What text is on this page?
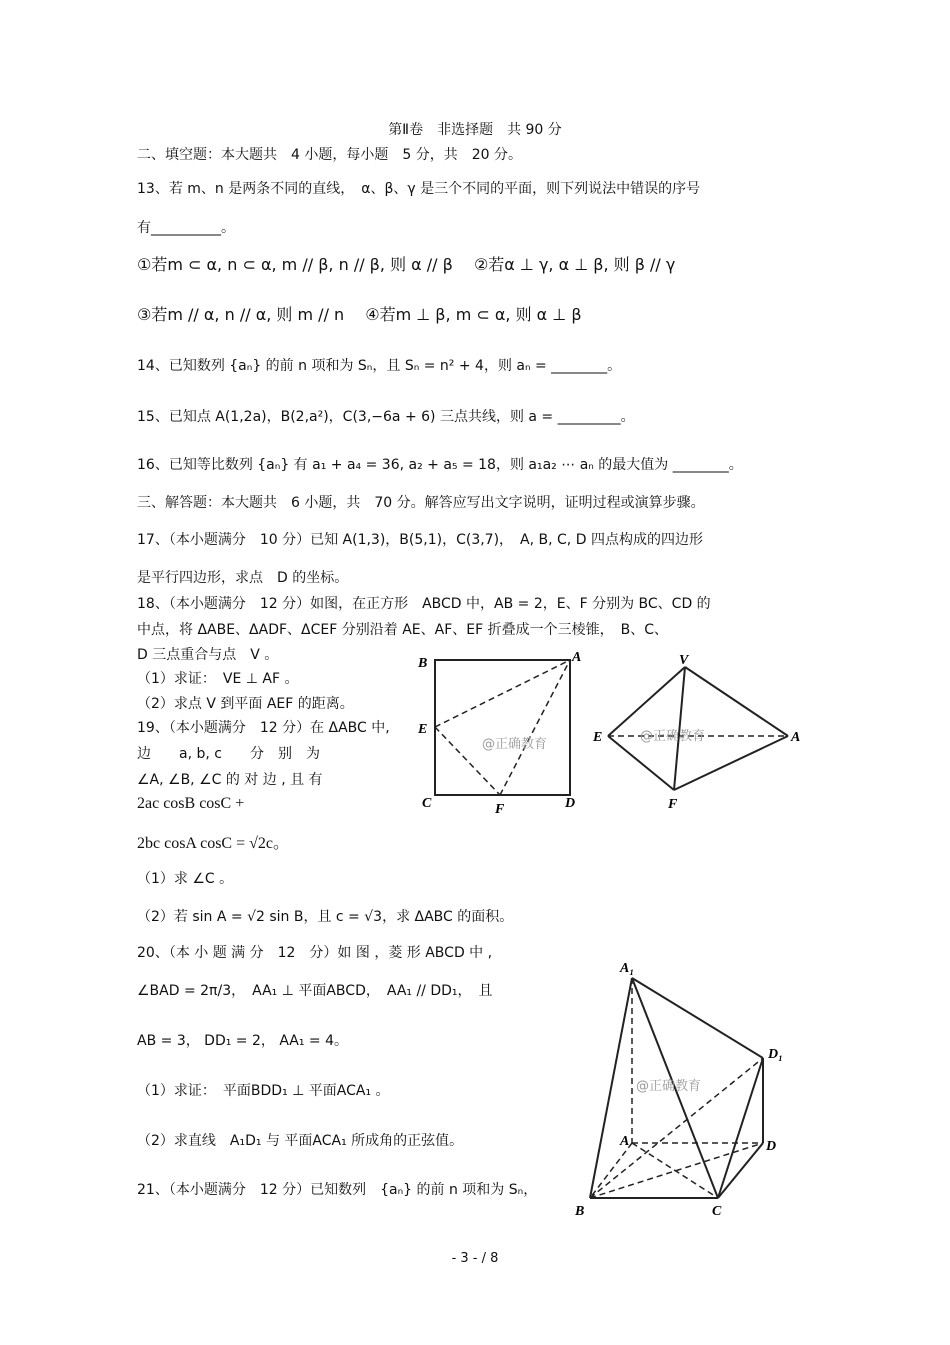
第Ⅱ卷　非选择题　共 90 分
二、填空题：本大题共　4 小题，每小题　5 分，共　20 分。
13、若 m、n 是两条不同的直线，　α、β、γ 是三个不同的平面，则下列说法中错误的序号
有__________。
①若m ⊂ α, n ⊂ α, m // β, n // β, 则 α // β　 ②若α ⊥ γ, α ⊥ β, 则 β // γ
③若m // α, n // α, 则 m // n　 ④若m ⊥ β, m ⊂ α, 则 α ⊥ β
14、已知数列 {aₙ} 的前 n 项和为 Sₙ，且 Sₙ = n² + 4，则 aₙ = ________。
15、已知点 A(1,2a)，B(2,a²)，C(3,−6a + 6) 三点共线，则 a = _________。
16、已知等比数列 {aₙ} 有 a₁ + a₄ = 36, a₂ + a₅ = 18，则 a₁a₂ ⋯ aₙ 的最大值为 ________。
三、解答题：本大题共　6 小题，共　70 分。解答应写出文字说明，证明过程或演算步骤。
17、（本小题满分　10 分）已知 A(1,3)，B(5,1)，C(3,7)，　A, B, C, D 四点构成的四边形
是平行四边形，求点　D 的坐标。
18、（本小题满分　12 分）如图，在正方形　ABCD 中，AB = 2，E、F 分别为 BC、CD 的
中点，将 ΔABE、ΔADF、ΔCEF 分别沿着 AE、AF、EF 折叠成一个三棱锥，　B、C、
D 三点重合与点　V 。
（1）求证：　VE ⊥ AF 。
（2）求点 V 到平面 AEF 的距离。
19、（本小题满分　12 分）在 ΔABC 中,
边　　a, b, c　　分　别　为
∠A, ∠B, ∠C 的 对 边 , 且 有
2ac cosB cosC +
2bc cosA cosC = √2c。
（1）求 ∠C 。
（2）若 sin A = √2 sin B，且 c = √3，求 ΔABC 的面积。
20、（本 小 题 满 分　12　分）如 图 ，菱 形 ABCD 中 ,
∠BAD = 2π/3，　AA₁ ⊥ 平面ABCD，　AA₁ // DD₁，　且
AB = 3， DD₁ = 2， AA₁ = 4。
（1）求证：　平面BDD₁ ⊥ 平面ACA₁ 。
（2）求直线　A₁D₁ 与 平面ACA₁ 所成角的正弦值。
21、（本小题满分　12 分）已知数列　{aₙ} 的前 n 项和为 Sₙ，
- 3 - / 8
B	A
E
C	F	D
@正确教育
V
E	A
F
@正确教育
A₁
D₁
A	D
B	C
@正确教育
